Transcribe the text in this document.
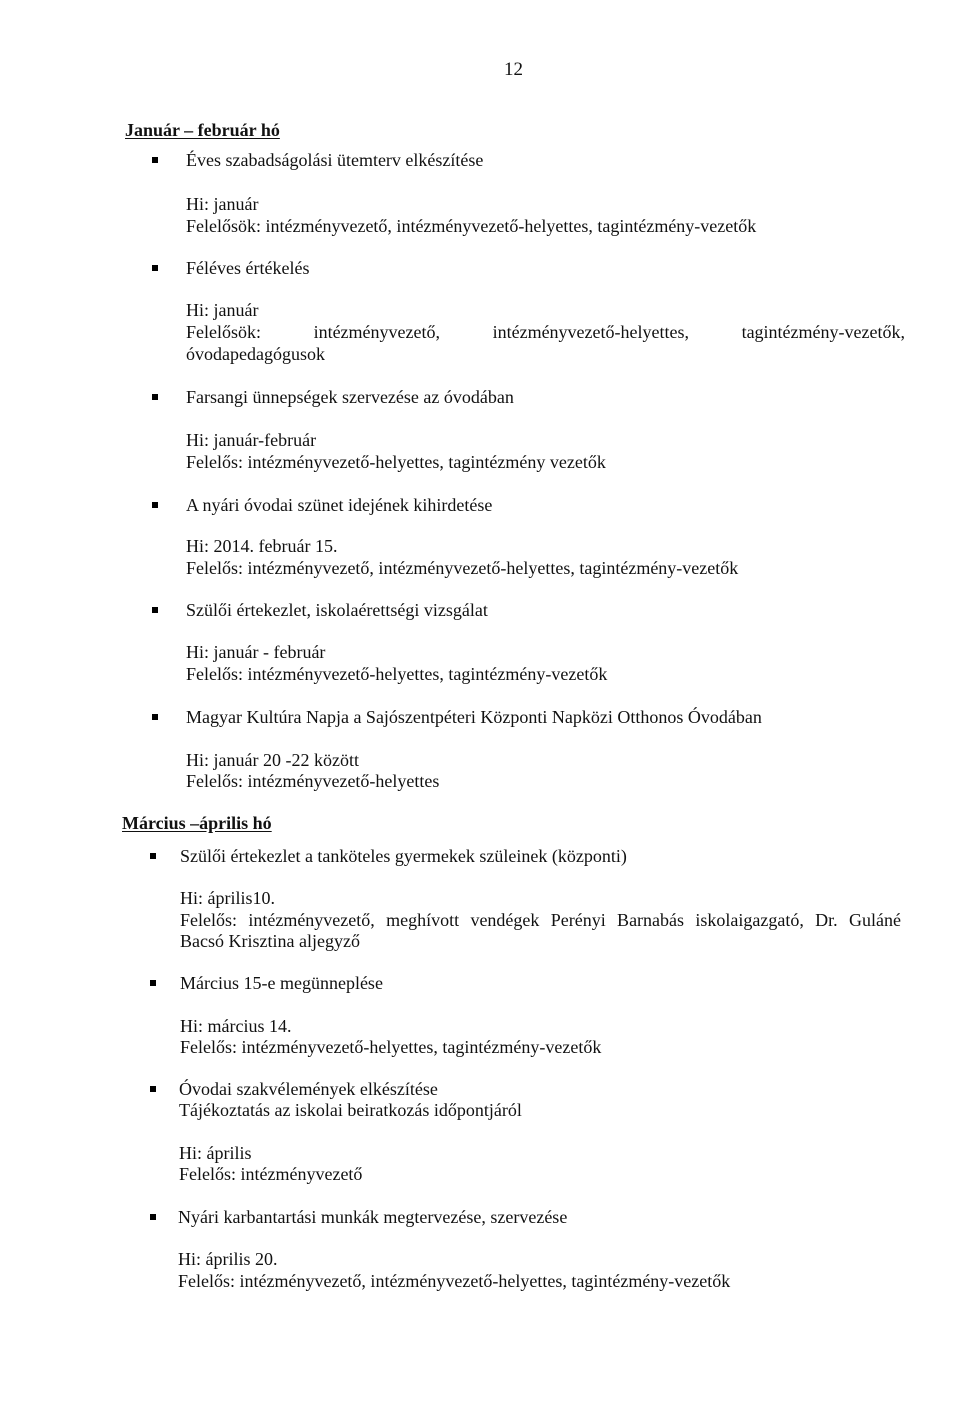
12
Január – február hó
Éves szabadságolási ütemterv elkészítése
Hi: január
Felelősök: intézményvezető, intézményvezető-helyettes, tagintézmény-vezetők
Féléves értékelés
Hi: január
Felelősök: intézményvezető, intézményvezető-helyettes, tagintézmény-vezetők,
óvodapedagógusok
Farsangi ünnepségek szervezése az óvodában
Hi: január-február
Felelős: intézményvezető-helyettes, tagintézmény vezetők
A nyári óvodai szünet idejének kihirdetése
Hi: 2014. február 15.
Felelős: intézményvezető, intézményvezető-helyettes, tagintézmény-vezetők
Szülői értekezlet, iskolaérettségi vizsgálat
Hi: január - február
Felelős: intézményvezető-helyettes, tagintézmény-vezetők
Magyar Kultúra Napja a Sajószentpéteri Központi Napközi Otthonos Óvodában
Hi: január 20 -22 között
Felelős: intézményvezető-helyettes
Március –április hó
Szülői értekezlet a tanköteles gyermekek szüleinek (központi)
Hi: április10.
Felelős: intézményvezető, meghívott vendégek Perényi Barnabás iskolaigazgató, Dr. Guláné
Bacsó Krisztina aljegyző
Március 15-e megünneplése
Hi: március 14.
Felelős: intézményvezető-helyettes, tagintézmény-vezetők
Óvodai szakvélemények elkészítése
Tájékoztatás az iskolai beiratkozás időpontjáról
Hi: április
Felelős: intézményvezető
Nyári karbantartási munkák megtervezése, szervezése
Hi: április 20.
Felelős: intézményvezető, intézményvezető-helyettes, tagintézmény-vezetők
